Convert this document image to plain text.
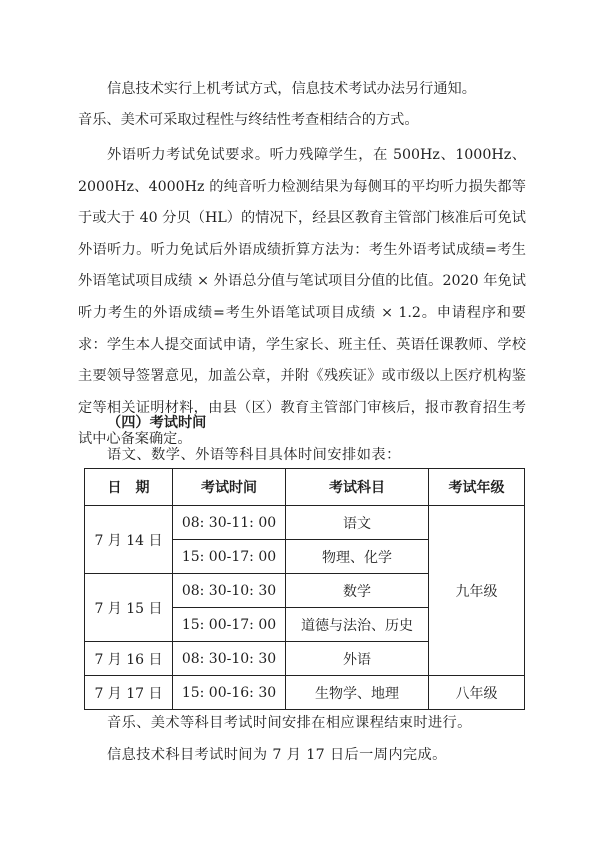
信息技术实行上机考试方式，信息技术考试办法另行通知。

音乐、美术可采取过程性与终结性考查相结合的方式。

外语听力考试免试要求。听力残障学生，在 500Hz、1000Hz、2000Hz、4000Hz 的纯音听力检测结果为每侧耳的平均听力损失都等于或大于 40 分贝（HL）的情况下，经县区教育主管部门核准后可免试外语听力。听力免试后外语成绩折算方法为：考生外语考试成绩=考生外语笔试项目成绩 × 外语总分值与笔试项目分值的比值。2020 年免试听力考生的外语成绩=考生外语笔试项目成绩 × 1.2。申请程序和要求：学生本人提交面试申请，学生家长、班主任、英语任课教师、学校主要领导签署意见，加盖公章，并附《残疾证》或市级以上医疗机构鉴定等相关证明材料，由县（区）教育主管部门审核后，报市教育招生考试中心备案确定。

（四）考试时间

语文、数学、外语等科目具体时间安排如表：

日　期	考试时间	考试科目	考试年级
7 月 14 日	08: 30-11: 00	语文	九年级
	15: 00-17: 00	物理、化学	
7 月 15 日	08: 30-10: 30	数学	
	15: 00-17: 00	道德与法治、历史	
7 月 16 日	08: 30-10: 30	外语	
7 月 17 日	15: 00-16: 30	生物学、地理	八年级

音乐、美术等科目考试时间安排在相应课程结束时进行。

信息技术科目考试时间为 7 月 17 日后一周内完成。
